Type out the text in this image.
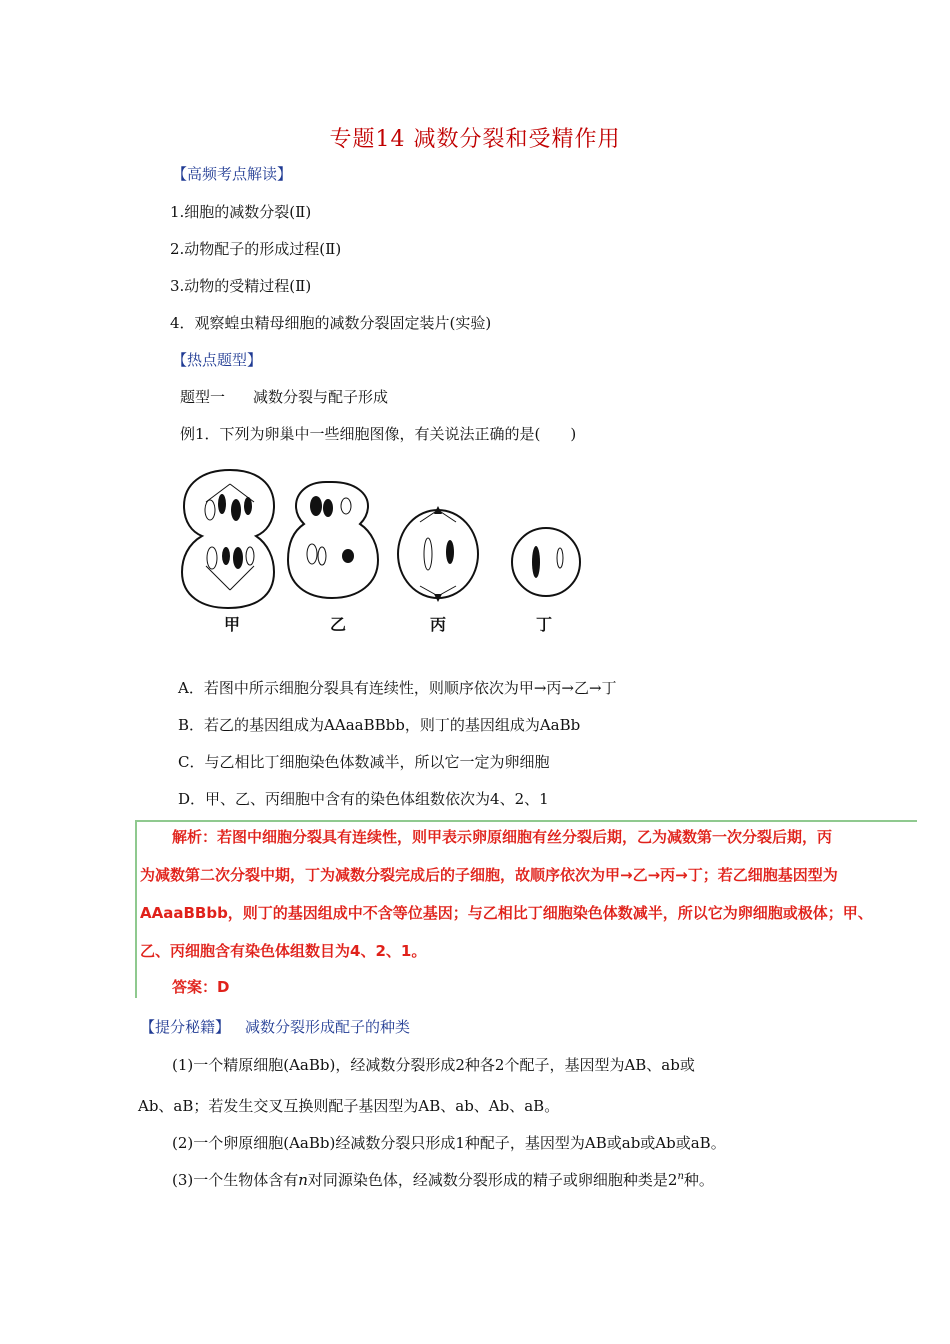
专题14 减数分裂和受精作用
【高频考点解读】
1.细胞的减数分裂(Ⅱ)
2.动物配子的形成过程(Ⅱ)
3.动物的受精过程(Ⅱ)
4．观察蝗虫精母细胞的减数分裂固定装片(实验)
【热点题型】
题型一 减数分裂与配子形成
例1．下列为卵巢中一些细胞图像，有关说法正确的是(　　)
甲	乙	丙	丁
A．若图中所示细胞分裂具有连续性，则顺序依次为甲→丙→乙→丁
B．若乙的基因组成为AAaaBBbb，则丁的基因组成为AaBb
C．与乙相比丁细胞染色体数减半，所以它一定为卵细胞
D．甲、乙、丙细胞中含有的染色体组数依次为4、2、1
解析：若图中细胞分裂具有连续性，则甲表示卵原细胞有丝分裂后期，乙为减数第一次分裂后期，丙
为减数第二次分裂中期，丁为减数分裂完成后的子细胞，故顺序依次为甲→乙→丙→丁；若乙细胞基因型为
AAaaBBbb，则丁的基因组成中不含等位基因；与乙相比丁细胞染色体数减半，所以它为卵细胞或极体；甲、
乙、丙细胞含有染色体组数目为4、2、1。
答案：D
【提分秘籍】 减数分裂形成配子的种类
(1)一个精原细胞(AaBb)，经减数分裂形成2种各2个配子，基因型为AB、ab或
Ab、aB；若发生交叉互换则配子基因型为AB、ab、Ab、aB。
(2)一个卵原细胞(AaBb)经减数分裂只形成1种配子，基因型为AB或ab或Ab或aB。
(3)一个生物体含有n对同源染色体，经减数分裂形成的精子或卵细胞种类是2$^n$种。
